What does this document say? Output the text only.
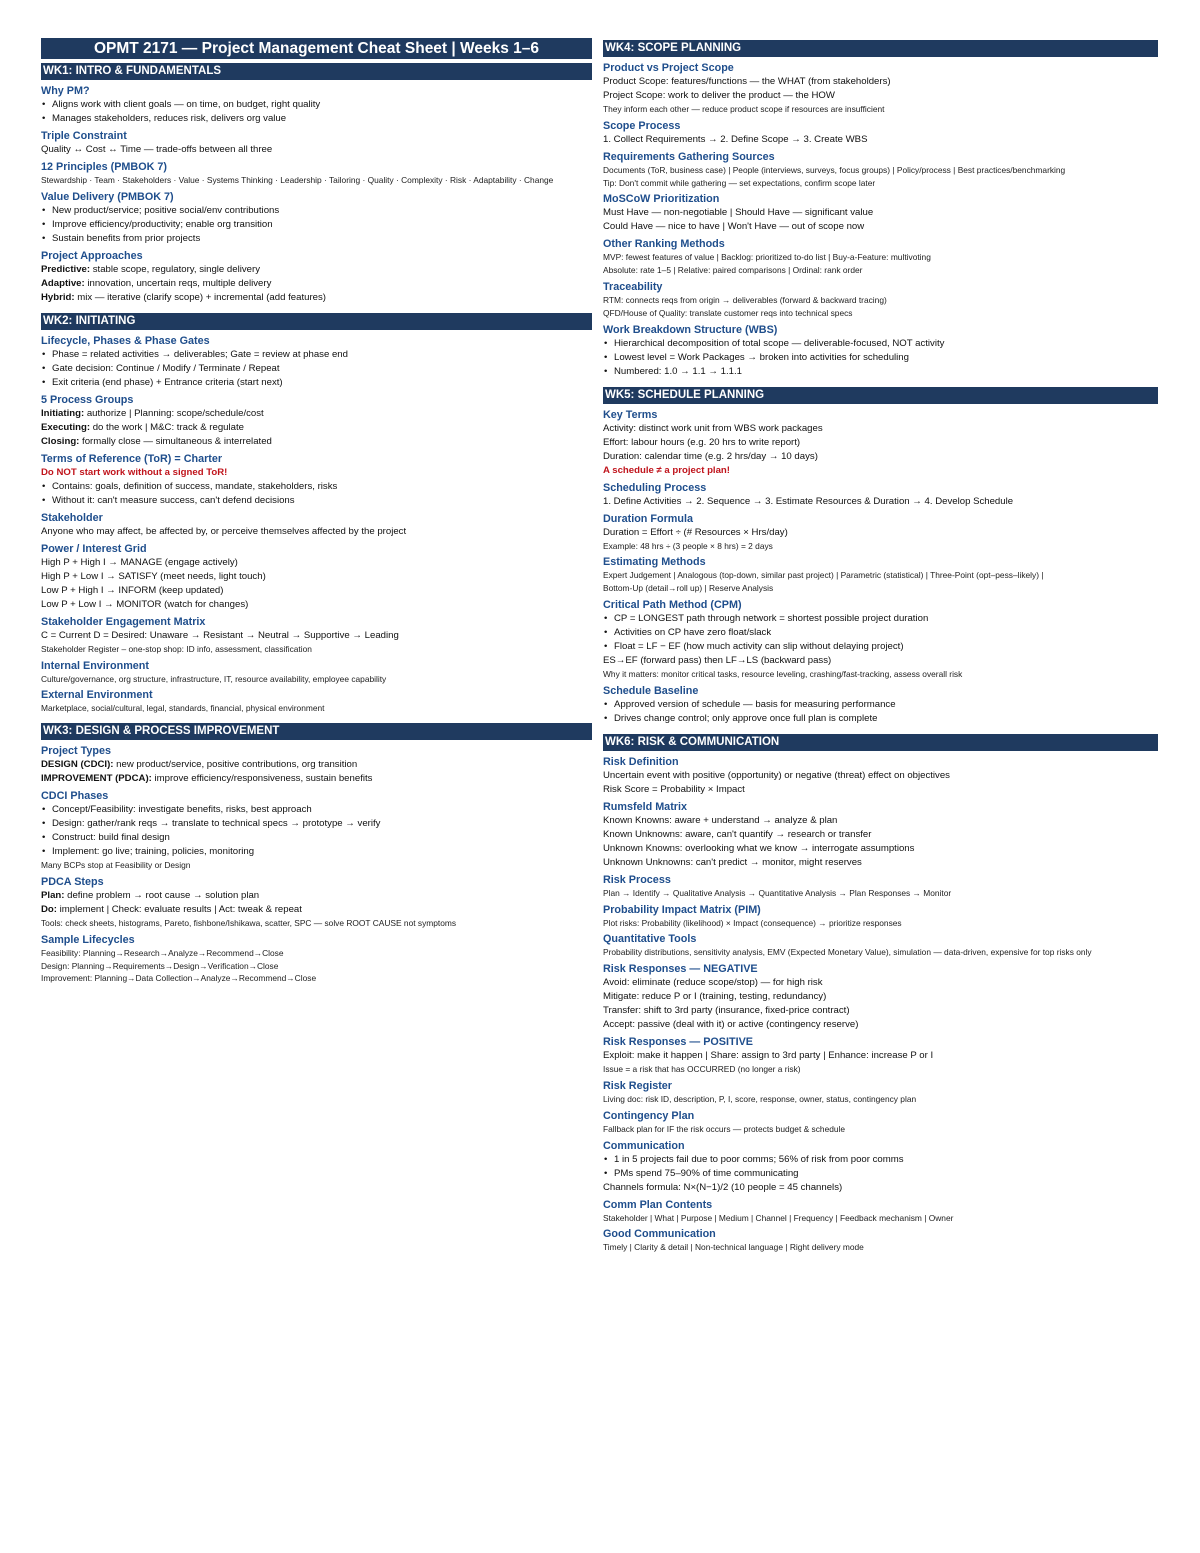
OPMT 2171 — Project Management Cheat Sheet | Weeks 1–6
WK1: INTRO & FUNDAMENTALS
Why PM?
• Aligns work with client goals — on time, on budget, right quality
• Manages stakeholders, reduces risk, delivers org value
Triple Constraint
Quality ↔ Cost ↔ Time — trade-offs between all three
12 Principles (PMBOK 7)
Stewardship · Team · Stakeholders · Value · Systems Thinking · Leadership · Tailoring · Quality · Complexity · Risk · Adaptability · Change
Value Delivery (PMBOK 7)
• New product/service; positive social/env contributions
• Improve efficiency/productivity; enable org transition
• Sustain benefits from prior projects
Project Approaches
Predictive: stable scope, regulatory, single delivery
Adaptive: innovation, uncertain reqs, multiple delivery
Hybrid: mix — iterative (clarify scope) + incremental (add features)
WK2: INITIATING
Lifecycle, Phases & Phase Gates
• Phase = related activities → deliverables; Gate = review at phase end
• Gate decision: Continue / Modify / Terminate / Repeat
• Exit criteria (end phase) + Entrance criteria (start next)
5 Process Groups
Initiating: authorize | Planning: scope/schedule/cost
Executing: do the work | M&C: track & regulate
Closing: formally close — simultaneous & interrelated
Terms of Reference (ToR) = Charter
Do NOT start work without a signed ToR!
• Contains: goals, definition of success, mandate, stakeholders, risks
• Without it: can't measure success, can't defend decisions
Stakeholder
Anyone who may affect, be affected by, or perceive themselves affected by the project
Power / Interest Grid
High P + High I → MANAGE (engage actively)
High P + Low I → SATISFY (meet needs, light touch)
Low P + High I → INFORM (keep updated)
Low P + Low I → MONITOR (watch for changes)
Stakeholder Engagement Matrix
C = Current D = Desired: Unaware → Resistant → Neutral → Supportive → Leading
Stakeholder Register – one-stop shop: ID info, assessment, classification
Internal Environment
Culture/governance, org structure, infrastructure, IT, resource availability, employee capability
External Environment
Marketplace, social/cultural, legal, standards, financial, physical environment
WK3: DESIGN & PROCESS IMPROVEMENT
Project Types
DESIGN (CDCI): new product/service, positive contributions, org transition
IMPROVEMENT (PDCA): improve efficiency/responsiveness, sustain benefits
CDCI Phases
• Concept/Feasibility: investigate benefits, risks, best approach
• Design: gather/rank reqs → translate to technical specs → prototype → verify
• Construct: build final design
• Implement: go live; training, policies, monitoring
Many BCPs stop at Feasibility or Design
PDCA Steps
Plan: define problem → root cause → solution plan
Do: implement | Check: evaluate results | Act: tweak & repeat
Tools: check sheets, histograms, Pareto, fishbone/Ishikawa, scatter, SPC — solve ROOT CAUSE not symptoms
Sample Lifecycles
Feasibility: Planning→Research→Analyze→Recommend→Close
Design: Planning→Requirements→Design→Verification→Close
Improvement: Planning→Data Collection→Analyze→Recommend→Close
WK4: SCOPE PLANNING
Product vs Project Scope
Product Scope: features/functions — the WHAT (from stakeholders)
Project Scope: work to deliver the product — the HOW
They inform each other — reduce product scope if resources are insufficient
Scope Process
1. Collect Requirements → 2. Define Scope → 3. Create WBS
Requirements Gathering Sources
Documents (ToR, business case) | People (interviews, surveys, focus groups) | Policy/process | Best practices/benchmarking
Tip: Don't commit while gathering — set expectations, confirm scope later
MoSCoW Prioritization
Must Have — non-negotiable | Should Have — significant value
Could Have — nice to have | Won't Have — out of scope now
Other Ranking Methods
MVP: fewest features of value | Backlog: prioritized to-do list | Buy-a-Feature: multivoting
Absolute: rate 1–5 | Relative: paired comparisons | Ordinal: rank order
Traceability
RTM: connects reqs from origin → deliverables (forward & backward tracing)
QFD/House of Quality: translate customer reqs into technical specs
Work Breakdown Structure (WBS)
• Hierarchical decomposition of total scope — deliverable-focused, NOT activity
• Lowest level = Work Packages → broken into activities for scheduling
• Numbered: 1.0 → 1.1 → 1.1.1
WK5: SCHEDULE PLANNING
Key Terms
Activity: distinct work unit from WBS work packages
Effort: labour hours (e.g. 20 hrs to write report)
Duration: calendar time (e.g. 2 hrs/day → 10 days)
A schedule ≠ a project plan!
Scheduling Process
1. Define Activities → 2. Sequence → 3. Estimate Resources & Duration → 4. Develop Schedule
Duration Formula
Duration = Effort ÷ (# Resources × Hrs/day)
Example: 48 hrs ÷ (3 people × 8 hrs) = 2 days
Estimating Methods
Expert Judgement | Analogous (top-down, similar past project) | Parametric (statistical) | Three-Point (opt–pess–likely) |
Bottom-Up (detail→roll up) | Reserve Analysis
Critical Path Method (CPM)
• CP = LONGEST path through network = shortest possible project duration
• Activities on CP have zero float/slack
• Float = LF − EF (how much activity can slip without delaying project)
ES→EF (forward pass) then LF→LS (backward pass)
Why it matters: monitor critical tasks, resource leveling, crashing/fast-tracking, assess overall risk
Schedule Baseline
• Approved version of schedule — basis for measuring performance
• Drives change control; only approve once full plan is complete
WK6: RISK & COMMUNICATION
Risk Definition
Uncertain event with positive (opportunity) or negative (threat) effect on objectives
Risk Score = Probability × Impact
Rumsfeld Matrix
Known Knowns: aware + understand → analyze & plan
Known Unknowns: aware, can't quantify → research or transfer
Unknown Knowns: overlooking what we know → interrogate assumptions
Unknown Unknowns: can't predict → monitor, might reserves
Risk Process
Plan → Identify → Qualitative Analysis → Quantitative Analysis → Plan Responses → Monitor
Probability Impact Matrix (PIM)
Plot risks: Probability (likelihood) × Impact (consequence) → prioritize responses
Quantitative Tools
Probability distributions, sensitivity analysis, EMV (Expected Monetary Value), simulation — data-driven, expensive for top risks only
Risk Responses — NEGATIVE
Avoid: eliminate (reduce scope/stop) — for high risk
Mitigate: reduce P or I (training, testing, redundancy)
Transfer: shift to 3rd party (insurance, fixed-price contract)
Accept: passive (deal with it) or active (contingency reserve)
Risk Responses — POSITIVE
Exploit: make it happen | Share: assign to 3rd party | Enhance: increase P or I
Issue = a risk that has OCCURRED (no longer a risk)
Risk Register
Living doc: risk ID, description, P, I, score, response, owner, status, contingency plan
Contingency Plan
Fallback plan for IF the risk occurs — protects budget & schedule
Communication
• 1 in 5 projects fail due to poor comms; 56% of risk from poor comms
• PMs spend 75–90% of time communicating
Channels formula: N×(N−1)/2 (10 people = 45 channels)
Comm Plan Contents
Stakeholder | What | Purpose | Medium | Channel | Frequency | Feedback mechanism | Owner
Good Communication
Timely | Clarity & detail | Non-technical language | Right delivery mode
